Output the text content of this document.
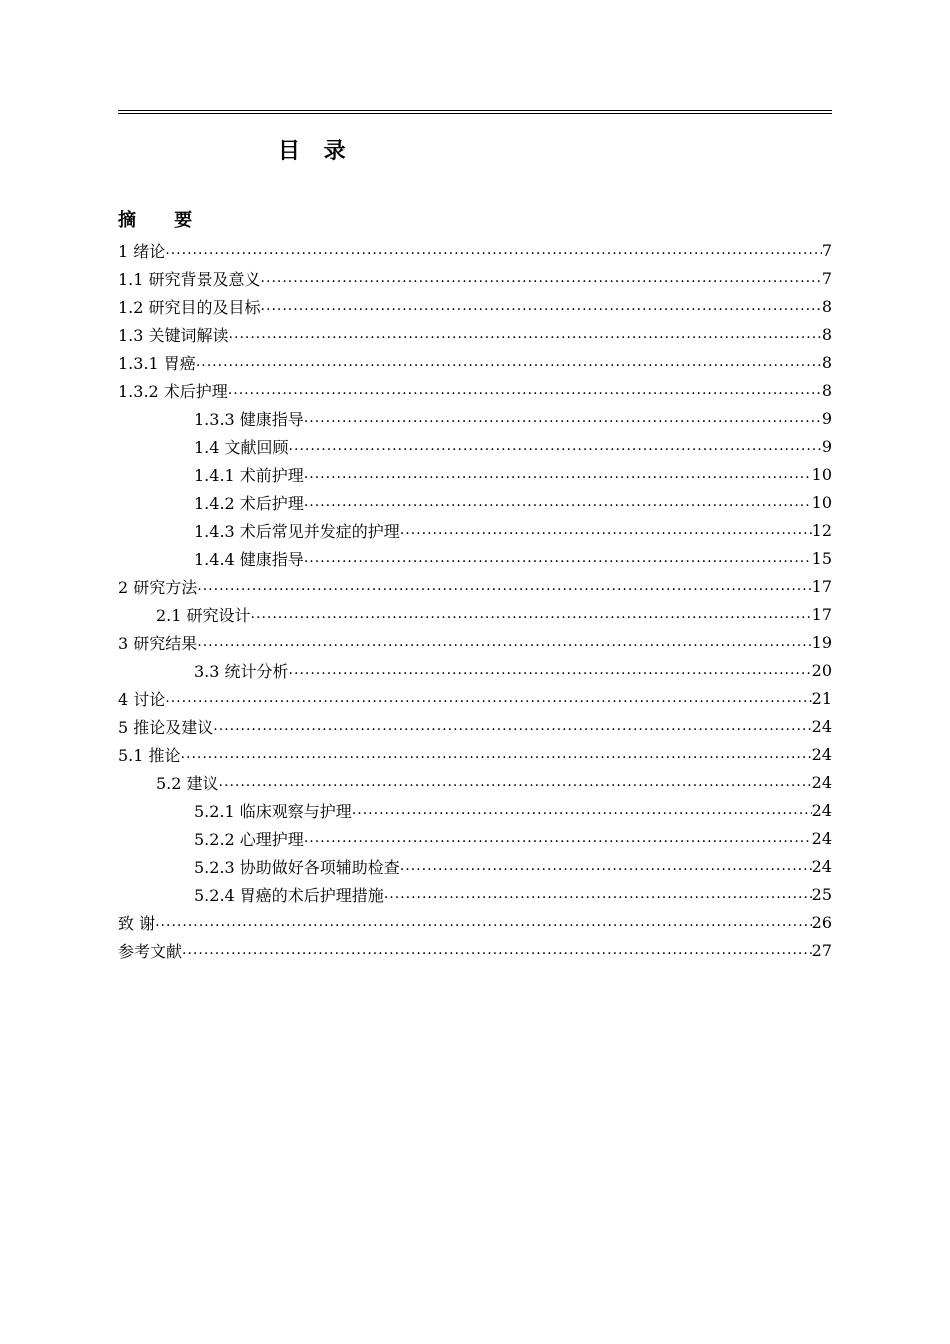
目 录
摘 要
1 绪论 .....	7
1.1 研究背景及意义 .....	7
1.2 研究目的及目标 .....	8
1.3 关键词解读 .....	8
1.3.1 胃癌 .....	8
1.3.2 术后护理 .....	8
1.3.3 健康指导 .....	9
1.4 文献回顾 .....	9
1.4.1 术前护理 .....	10
1.4.2 术后护理 .....	10
1.4.3 术后常见并发症的护理 .....	12
1.4.4 健康指导 .....	15
2 研究方法 .....	17
2.1 研究设计 .....	17
3 研究结果 .....	19
3.3 统计分析 .....	20
4 讨论 .....	21
5 推论及建议 .....	24
5.1 推论 .....	24
5.2 建议 .....	24
5.2.1 临床观察与护理 .....	24
5.2.2 心理护理 .....	24
5.2.3 协助做好各项辅助检查 .....	24
5.2.4 胃癌的术后护理措施 .....	25
致 谢 .....	26
参考文献 .....	27
